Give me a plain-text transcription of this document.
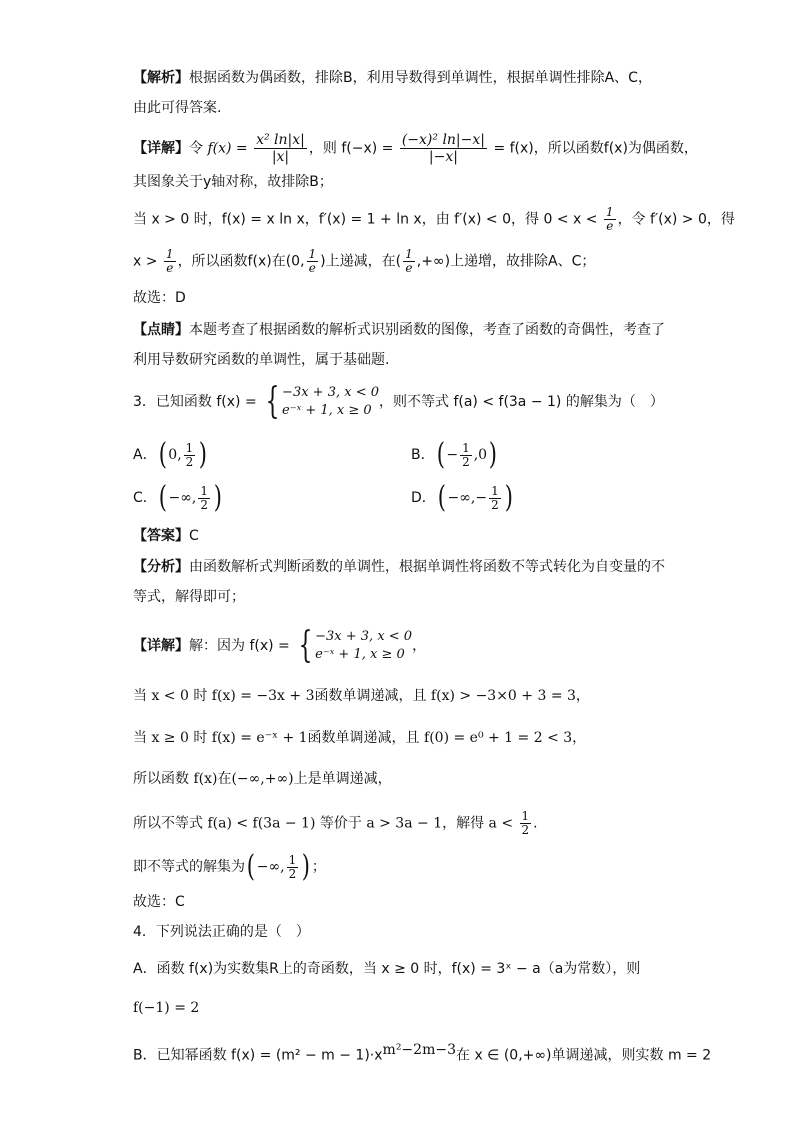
【解析】根据函数为偶函数，排除B，利用导数得到单调性，根据单调性排除A、C，
由此可得答案.
【详解】令 $f(x) = \frac{\text{x² ln|x|}}{|x|}$ ，则 $f(-x) = \frac{\text{(−x)² ln|−x|}}{|-x|} = f(x)$，所以函数f(x)为偶函数，
其图象关于y轴对称，故排除B；
当 x > 0 时，f(x) = x ln x，f′(x) = 1 + ln x，由 f′(x) < 0，得 $0 < x < \frac{1}{e}$ ，令 f′(x) > 0，得
$x > \frac{1}{e}$ ，所以函数f(x)在(0, $\frac{1}{e}$ )上递减，在( $\frac{1}{e}$ ,+∞)上递增，故排除A、C；
故选：D
【点睛】本题考查了根据函数的解析式识别函数的图像，考查了函数的奇偶性，考查了
利用导数研究函数的单调性，属于基础题.
3．已知函数 f(x) = { −3x + 3, x < 0
e⁻ˣ + 1, x ≥ 0
，则不等式 f(a) < f(3a − 1) 的解集为（　）
A．( 0, $\frac{1}{2}$ )	B．( − $\frac{1}{2} ,0$)
C．( −∞, $\frac{1}{2}$ )	D．( −∞,− $\frac{1}{2}$ )
【答案】C
【分析】由函数解析式判断函数的单调性，根据单调性将函数不等式转化为自变量的不
等式，解得即可；
【详解】解：因为 f(x) = { −3x + 3, x < 0
e⁻ˣ + 1, x ≥ 0
，
当 x < 0 时 f(x) = −3x + 3函数单调递减，且 f(x) > −3×0 + 3 = 3，
当 x ≥ 0 时 f(x) = e⁻ˣ + 1函数单调递减，且 f(0) = e⁰ + 1 = 2 < 3，
所以函数 f(x)在(−∞,+∞)上是单调递减，
所以不等式 f(a) < f(3a − 1) 等价于 a > 3a − 1，解得 $a < \frac{1}{2}$ .
即不等式的解集为( −∞, $\frac{1}{2}$ ) ；
故选：C
4．下列说法正确的是（　）
A．函数 f(x)为实数集R上的奇函数，当 x ≥ 0 时，f(x) = 3ˣ − a（a为常数），则
f(−1) = 2
B．已知幂函数 $f(x) = (m^2 - m - 1)\cdot x^{m^2-2m-3}$在 x ∈ (0,+∞)单调递减，则实数 m = 2
